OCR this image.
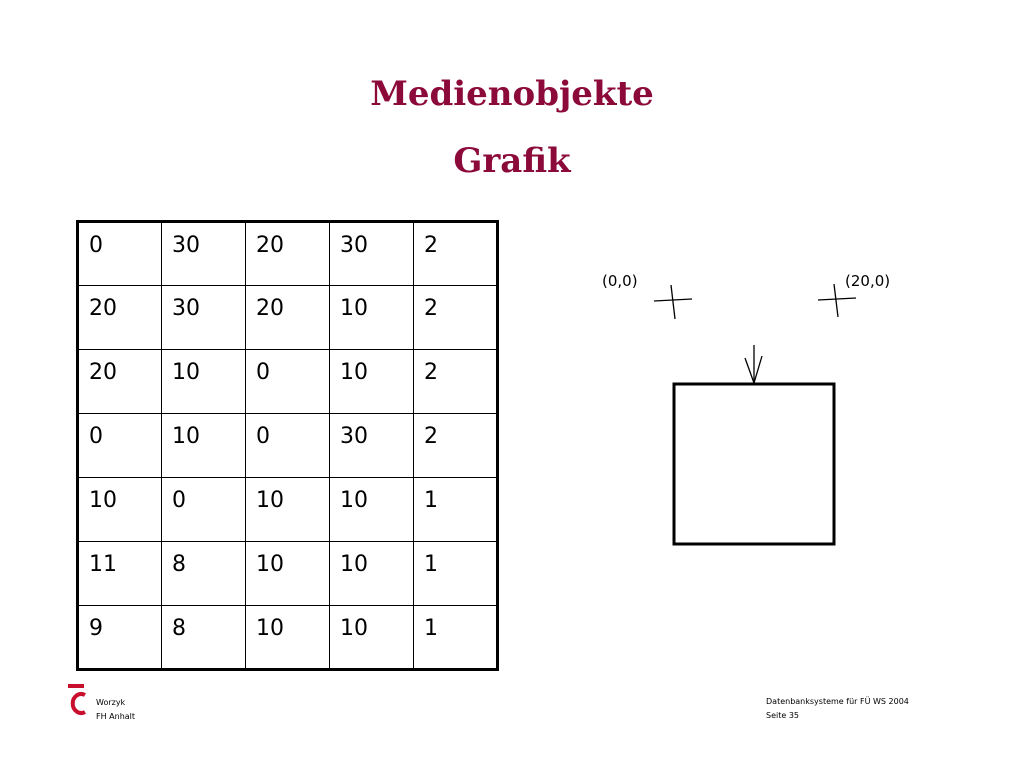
Medienobjekte
Grafik
0	30	20	30	2
20	30	20	10	2
20	10	0	10	2
0	10	0	30	2
10	0	10	10	1
11	8	10	10	1
9	8	10	10	1
(0,0)	(20,0)
Worzyk
FH Anhalt
Datenbanksysteme für FÜ WS 2004
Seite 35
